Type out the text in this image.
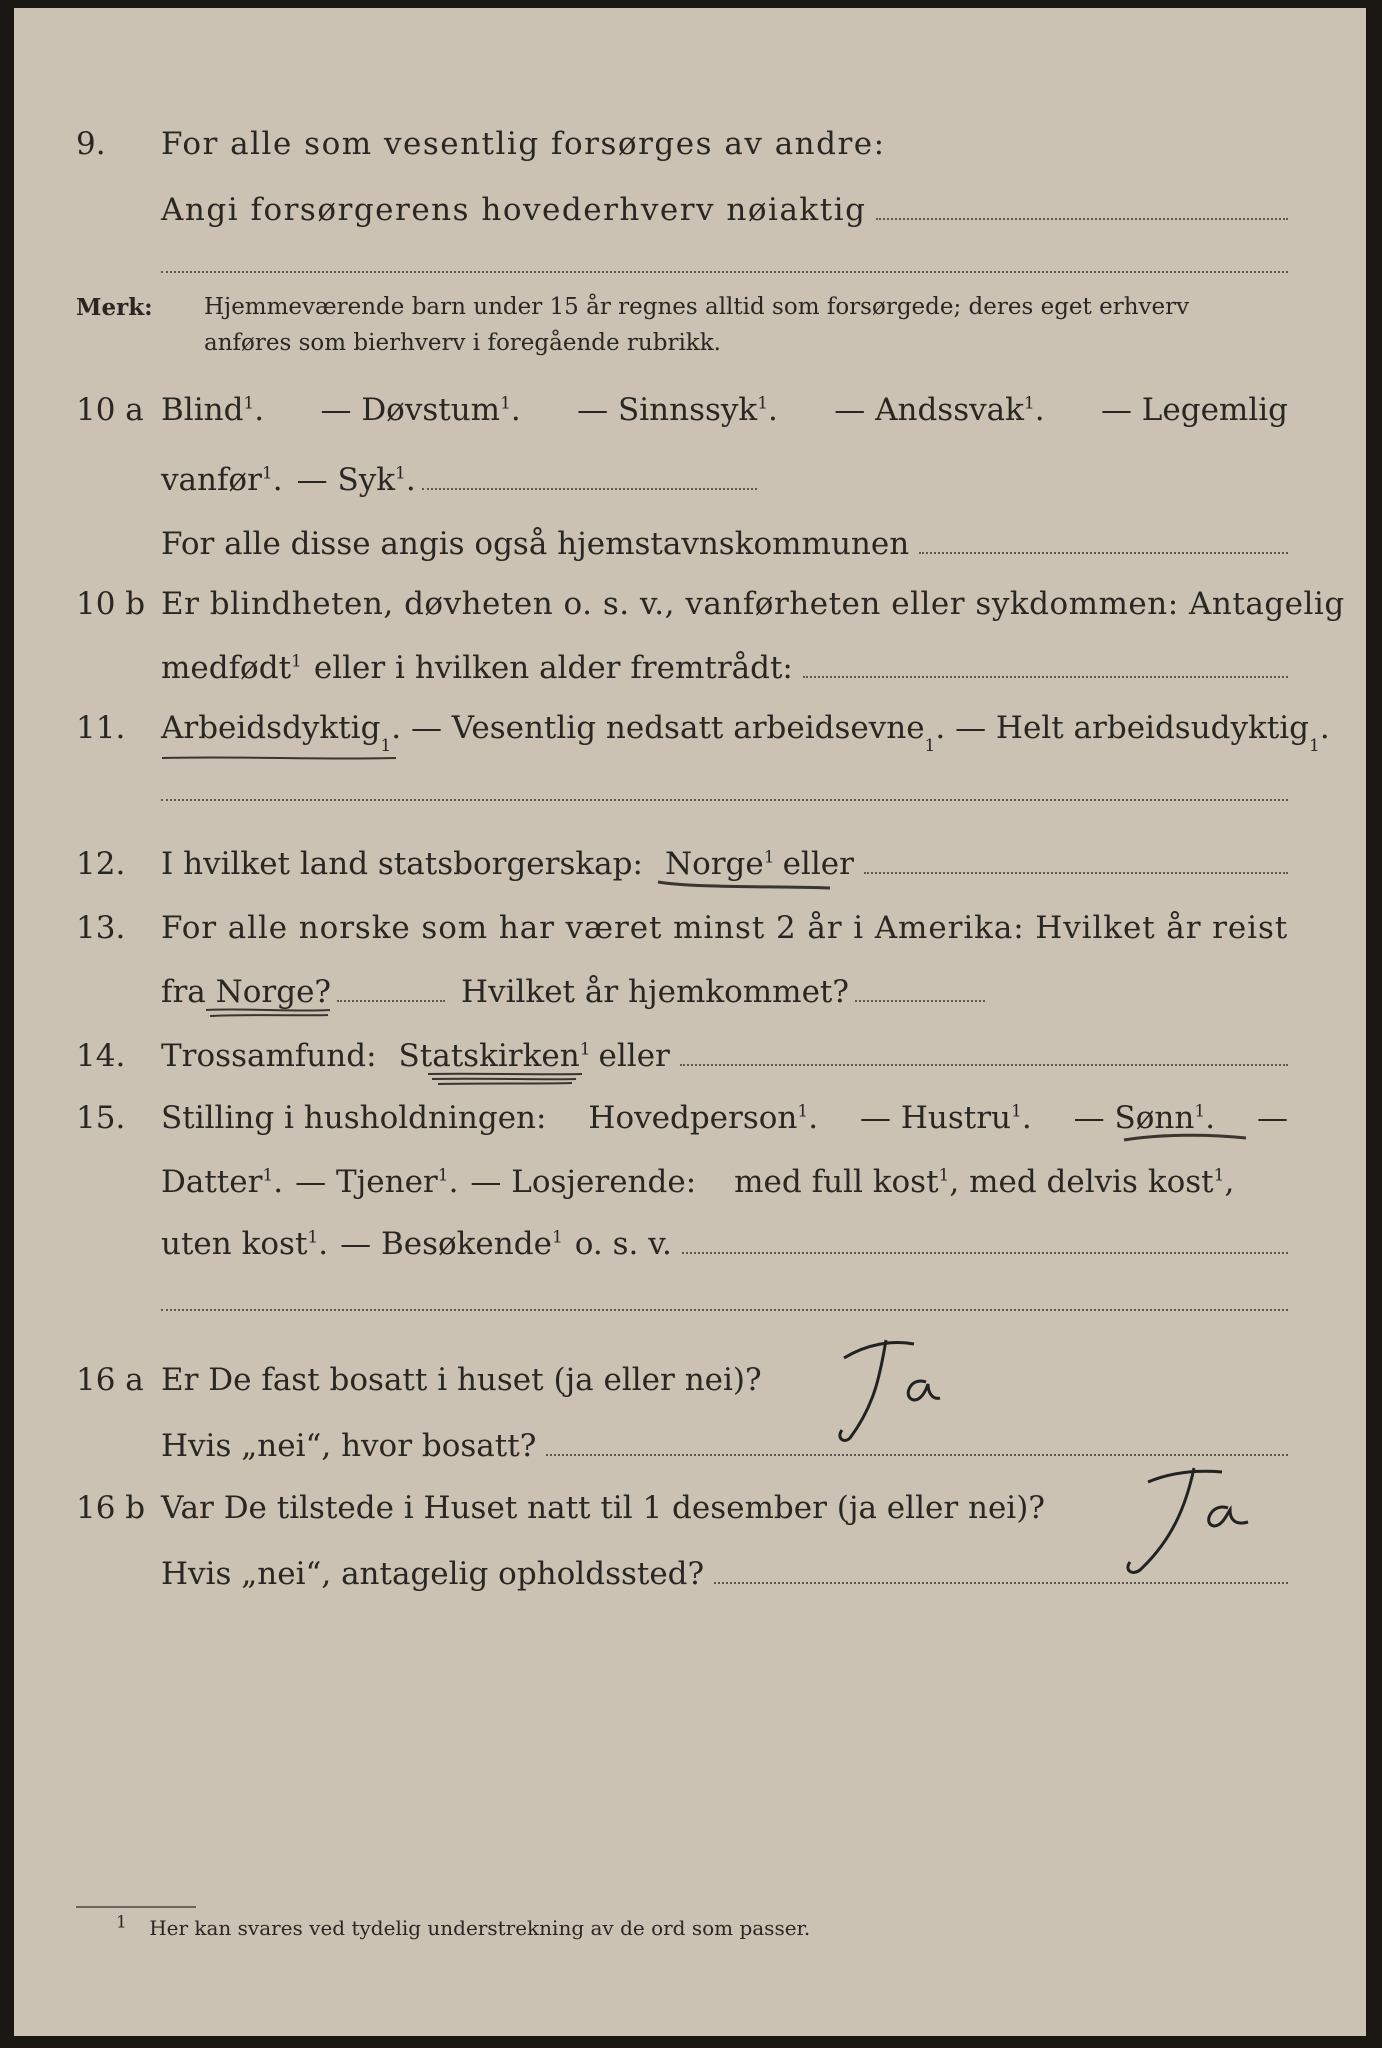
9.	For alle som vesentlig forsørges av andre:
Angi forsørgerens hovederhverv nøiaktig
Merk: Hjemmeværende barn under 15 år regnes alltid som forsørgede; deres eget erhverv
anføres som bierhverv i foregående rubrikk.
10 a Blind$^1$. — Døvstum$^1$. — Sinnssyk$^1$. — Andssvak$^1$. — Legemlig
vanfør$^1$. — Syk$^1$.
For alle disse angis også hjemstavnskommunen
10 b Er blindheten, døvheten o. s. v., vanførheten eller sykdommen: Antagelig
medfødt$^1$ eller i hvilken alder fremtrådt:
11.	Arbeidsdyktig 1 . — Vesentlig nedsatt arbeidsevne 1 . — Helt arbeidsudyktig 1 .
12.	I hvilket land statsborgerskap: Norge$^1$ eller
13.	For alle norske som har været minst 2 år i Amerika: Hvilket år reist
fra Norge?	Hvilket år hjemkommet?
14.	Trossamfund: Statskirken$^1$ eller
15.	Stilling i husholdningen: Hovedperson$^1$. — Hustru$^1$. — Sønn$^1$. —
Datter$^1$. — Tjener$^1$. — Losjerende: med full kost$^1$ , med delvis kost$^1$ ,
uten kost$^1$. — Besøkende$^1$ o. s. v.
16 a Er De fast bosatt i huset (ja eller nei)?
Hvis „nei“, hvor bosatt?
16 b Var De tilstede i Huset natt til 1 desember (ja eller nei)?
Hvis „nei“, antagelig opholdssted?
$^1$ Her kan svares ved tydelig understrekning av de ord som passer.
